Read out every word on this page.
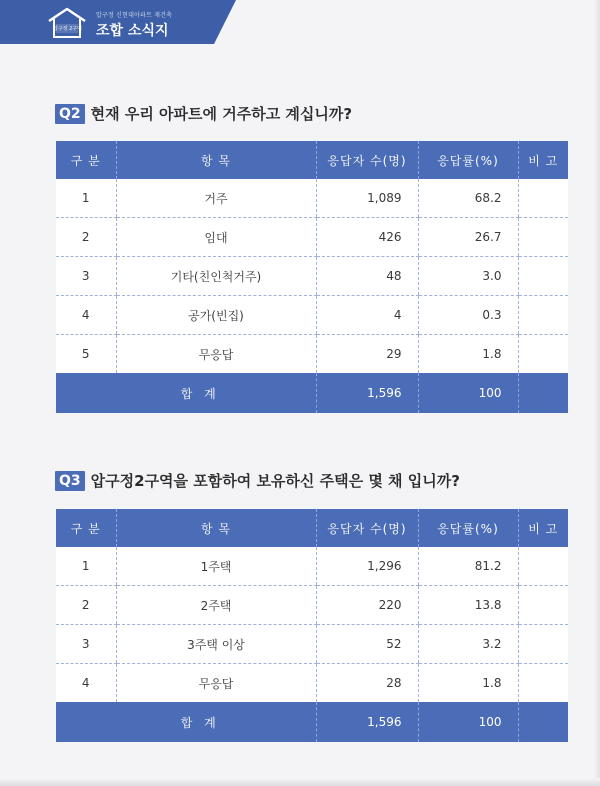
압구정 2구역
압구정 신현대아파트 재건축
조합 소식지
Q2 현재 우리 아파트에 거주하고 계십니까?
구 분	항 목	응답자 수(명)	응답률(%)	비 고
1	거주	1,089	68.2	
2	임대	426	26.7	
3	기타(친인척거주)	48	3.0	
4	공가(빈집)	4	0.3	
5	무응답	29	1.8	
합 계		1,596	100	
Q3 압구정2구역을 포함하여 보유하신 주택은 몇 채 입니까?
구 분	항 목	응답자 수(명)	응답률(%)	비 고
1	1주택	1,296	81.2	
2	2주택	220	13.8	
3	3주택 이상	52	3.2	
4	무응답	28	1.8	
합 계		1,596	100	
